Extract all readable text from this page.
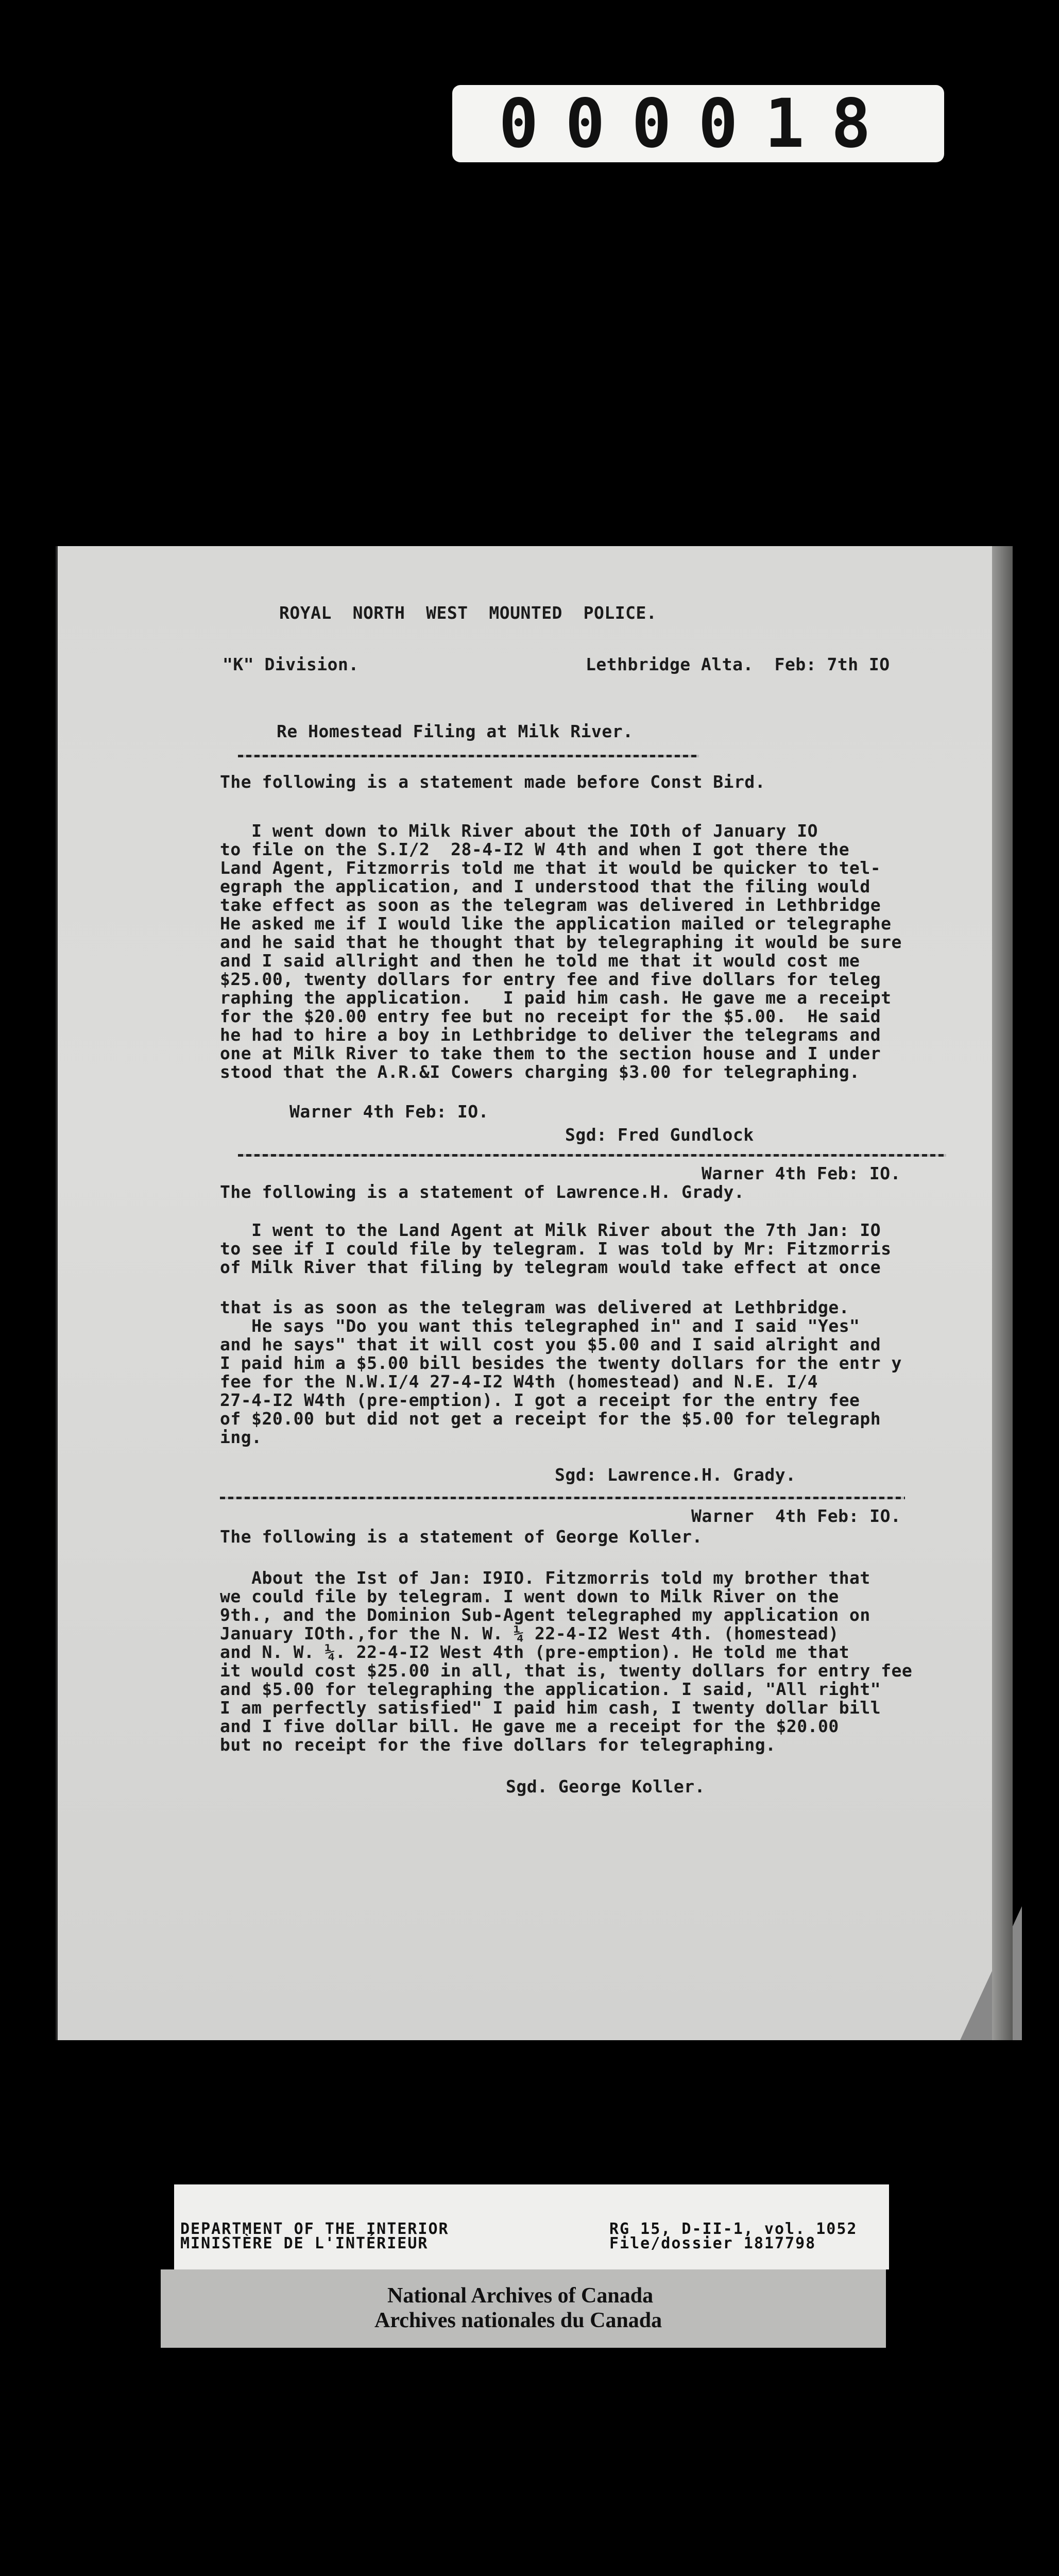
000018
ROYAL  NORTH  WEST  MOUNTED  POLICE.
"K" Division.	Lethbridge Alta.  Feb: 7th IO
Re Homestead Filing at Milk River.
The following is a statement made before Const Bird.
I went down to Milk River about the IOth of January IO
to file on the S.I/2  28-4-I2 W 4th and when I got there the
Land Agent, Fitzmorris told me that it would be quicker to tel-
egraph the application, and I understood that the filing would
take effect as soon as the telegram was delivered in Lethbridge
He asked me if I would like the application mailed or telegraphe
and he said that he thought that by telegraphing it would be sure
and I said allright and then he told me that it would cost me
$25.00, twenty dollars for entry fee and five dollars for teleg
raphing the application.   I paid him cash. He gave me a receipt
for the $20.00 entry fee but no receipt for the $5.00.  He said
he had to hire a boy in Lethbridge to deliver the telegrams and
one at Milk River to take them to the section house and I under
stood that the A.R.&I Cowers charging $3.00 for telegraphing.
Warner 4th Feb: IO.
Sgd: Fred Gundlock
Warner 4th Feb: IO.
The following is a statement of Lawrence.H. Grady.
I went to the Land Agent at Milk River about the 7th Jan: IO
to see if I could file by telegram. I was told by Mr: Fitzmorris
of Milk River that filing by telegram would take effect at once
that is as soon as the telegram was delivered at Lethbridge.
He says "Do you want this telegraphed in" and I said "Yes"
and he says" that it will cost you $5.00 and I said alright and
I paid him a $5.00 bill besides the twenty dollars for the entr y
fee for the N.W.I/4 27-4-I2 W4th (homestead) and N.E. I/4
27-4-I2 W4th (pre-emption). I got a receipt for the entry fee
of $20.00 but did not get a receipt for the $5.00 for telegraph
ing.
Sgd: Lawrence.H. Grady.
Warner  4th Feb: IO.
The following is a statement of George Koller.
About the Ist of Jan: I9IO. Fitzmorris told my brother that
we could file by telegram. I went down to Milk River on the
9th., and the Dominion Sub-Agent telegraphed my application on
January IOth.,for the N. W. ¼ 22-4-I2 West 4th. (homestead)
and N. W. ¼. 22-4-I2 West 4th (pre-emption). He told me that
it would cost $25.00 in all, that is, twenty dollars for entry fee
and $5.00 for telegraphing the application. I said, "All right"
I am perfectly satisfied" I paid him cash, I twenty dollar bill
and I five dollar bill. He gave me a receipt for the $20.00
but no receipt for the five dollars for telegraphing.
Sgd. George Koller.
DEPARTMENT OF THE INTERIOR
MINISTÈRE DE L'INTÉRIEUR
RG 15, D-II-1, vol. 1052
File/dossier 1817798
National Archives of Canada
Archives nationales du Canada
